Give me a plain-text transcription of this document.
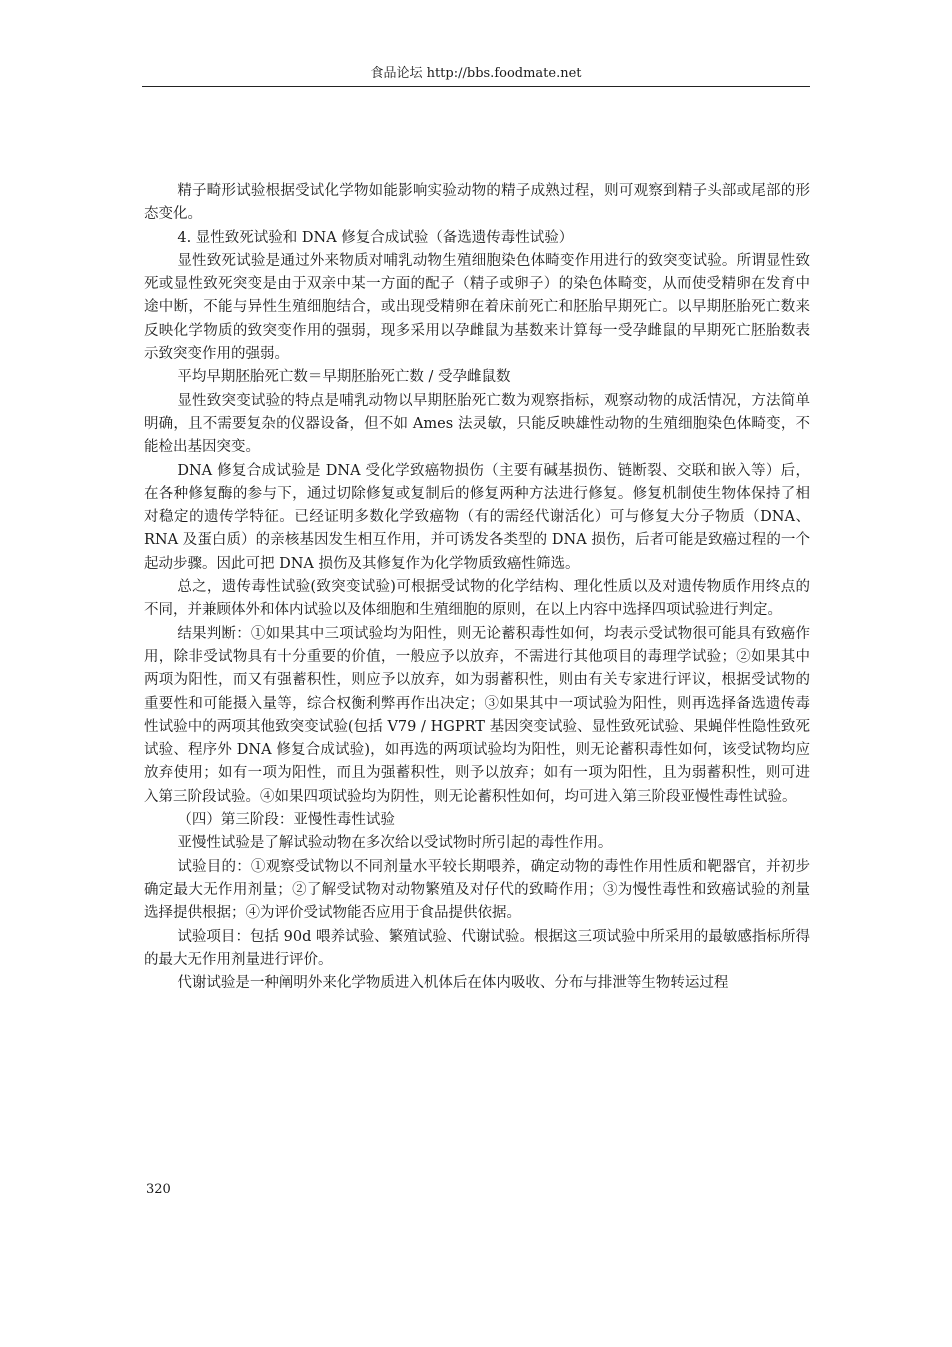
食品论坛 http://bbs.foodmate.net

精子畸形试验根据受试化学物如能影响实验动物的精子成熟过程，则可观察到精子头部或尾部的形态变化。

4. 显性致死试验和 DNA 修复合成试验（备选遗传毒性试验）

显性致死试验是通过外来物质对哺乳动物生殖细胞染色体畸变作用进行的致突变试验。所谓显性致死或显性致死突变是由于双亲中某一方面的配子（精子或卵子）的染色体畸变，从而使受精卵在发育中途中断，不能与异性生殖细胞结合，或出现受精卵在着床前死亡和胚胎早期死亡。以早期胚胎死亡数来反映化学物质的致突变作用的强弱，现多采用以孕雌鼠为基数来计算每一受孕雌鼠的早期死亡胚胎数表示致突变作用的强弱。

平均早期胚胎死亡数＝早期胚胎死亡数 / 受孕雌鼠数

显性致突变试验的特点是哺乳动物以早期胚胎死亡数为观察指标，观察动物的成活情况，方法简单明确，且不需要复杂的仪器设备，但不如 Ames 法灵敏，只能反映雄性动物的生殖细胞染色体畸变，不能检出基因突变。

DNA 修复合成试验是 DNA 受化学致癌物损伤（主要有碱基损伤、链断裂、交联和嵌入等）后，在各种修复酶的参与下，通过切除修复或复制后的修复两种方法进行修复。修复机制使生物体保持了相对稳定的遗传学特征。已经证明多数化学致癌物（有的需经代谢活化）可与修复大分子物质（DNA、RNA 及蛋白质）的亲核基因发生相互作用，并可诱发各类型的 DNA 损伤，后者可能是致癌过程的一个起动步骤。因此可把 DNA 损伤及其修复作为化学物质致癌性筛选。

总之，遗传毒性试验(致突变试验)可根据受试物的化学结构、理化性质以及对遗传物质作用终点的不同，并兼顾体外和体内试验以及体细胞和生殖细胞的原则，在以上内容中选择四项试验进行判定。

结果判断：①如果其中三项试验均为阳性，则无论蓄积毒性如何，均表示受试物很可能具有致癌作用，除非受试物具有十分重要的价值，一般应予以放弃，不需进行其他项目的毒理学试验；②如果其中两项为阳性，而又有强蓄积性，则应予以放弃，如为弱蓄积性，则由有关专家进行评议，根据受试物的重要性和可能摄入量等，综合权衡利弊再作出决定；③如果其中一项试验为阳性，则再选择备选遗传毒性试验中的两项其他致突变试验(包括 V79 / HGPRT 基因突变试验、显性致死试验、果蝇伴性隐性致死试验、程序外 DNA 修复合成试验)，如再选的两项试验均为阳性，则无论蓄积毒性如何，该受试物均应放弃使用；如有一项为阳性，而且为强蓄积性，则予以放弃；如有一项为阳性，且为弱蓄积性，则可进入第三阶段试验。④如果四项试验均为阴性，则无论蓄积性如何，均可进入第三阶段亚慢性毒性试验。

（四）第三阶段：亚慢性毒性试验

亚慢性试验是了解试验动物在多次给以受试物时所引起的毒性作用。

试验目的：①观察受试物以不同剂量水平较长期喂养，确定动物的毒性作用性质和靶器官，并初步确定最大无作用剂量；②了解受试物对动物繁殖及对仔代的致畸作用；③为慢性毒性和致癌试验的剂量选择提供根据；④为评价受试物能否应用于食品提供依据。

试验项目：包括 90d 喂养试验、繁殖试验、代谢试验。根据这三项试验中所采用的最敏感指标所得的最大无作用剂量进行评价。

代谢试验是一种阐明外来化学物质进入机体后在体内吸收、分布与排泄等生物转运过程

320
